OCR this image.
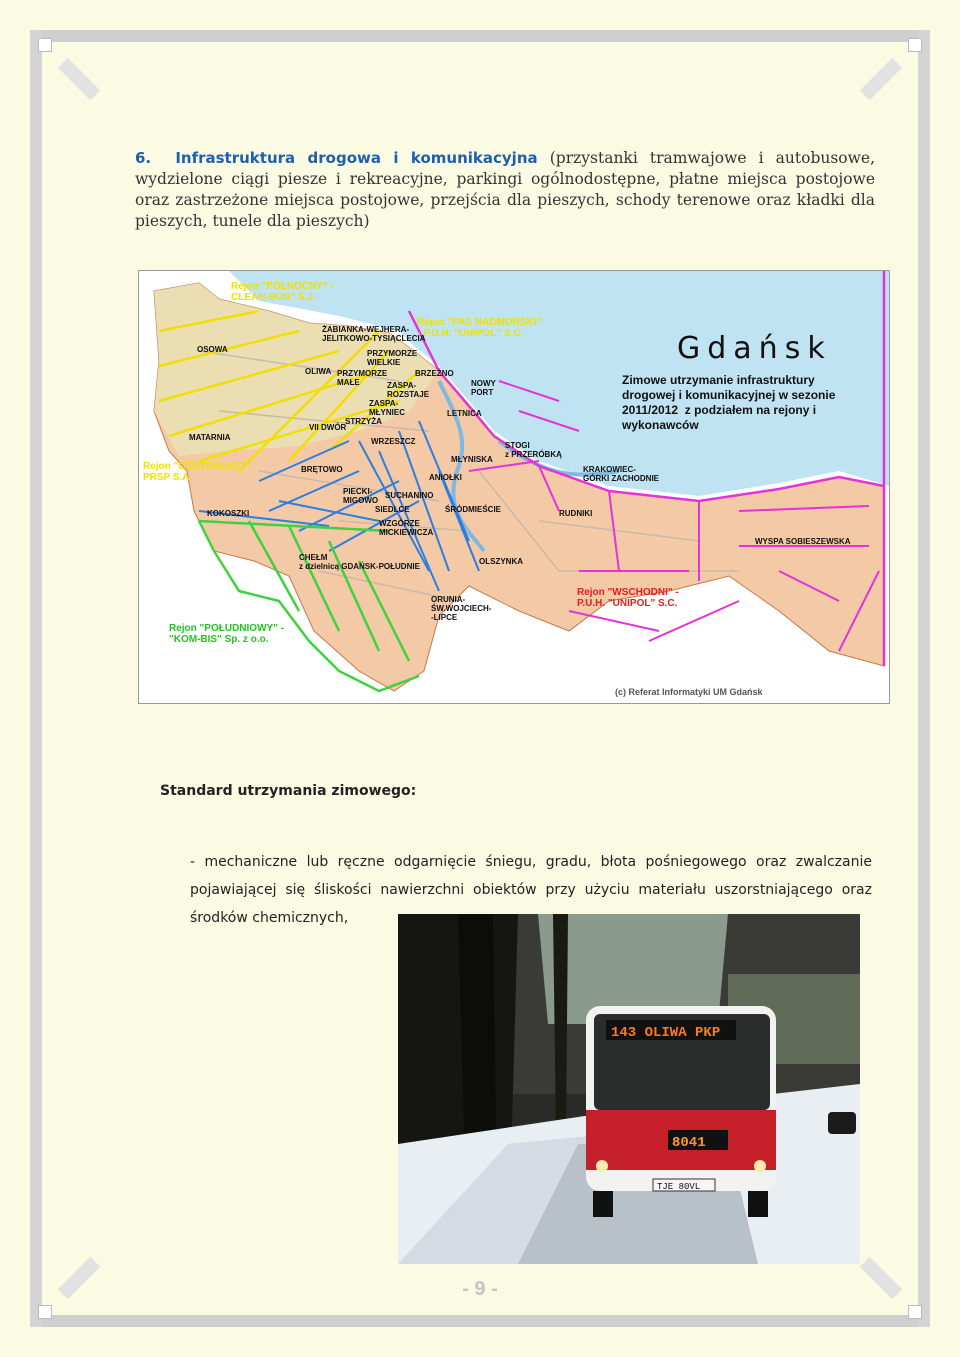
6. Infrastruktura drogowa i komunikacyjna (przystanki tramwajowe i autobusowe, wydzielone ciągi piesze i rekreacyjne, parkingi ogólnodostępne, płatne miejsca postojowe oraz zastrzeżone miejsca postojowe, przejścia dla pieszych, schody terenowe oraz kładki dla pieszych, tunele dla pieszych)
Rejon "PÓŁNOCNY" -
CLEAN-BUD" S.J.
Rejon "PAS NADMORSKI"
- P.U.H. "UNIPOL" S.C.
Rejon "CENTRALNY" -
PRSP S.A.
Rejon "WSCHODNI" -
P.U.H. "UNIPOL" S.C.
Rejon "POŁUDNIOWY" -
"KOM-BIS" Sp. z o.o.
Gdańsk
Zimowe utrzymanie infrastruktury
drogowej i komunikacyjnej w sezonie
2011/2012  z podziałem na rejony i
wykonawców
(c) Referat Informatyki UM Gdańsk
ŻABIANKA-WEJHERA-
JELITKOWO-TYSIĄCLECIA
OSOWA	PRZYMORZE
WIELKIE
OLIWA PRZYMORZE
MAŁE
BRZEŹNO
NOWY
PORT
ZASPA-
ROZSTAJE
ZASPA-
MŁYNIEC
STRZYŻA
LETNICA
VII DWÓR
MATARNIA	WRZESZCZ	STOGI
z PRZERÓBKĄ
MŁYNISKA
BRĘTOWO
ANIOŁKI
KRAKOWIEC-
GÓRKI ZACHODNIE
PIECKI-
MIGOWO
SUCHANINO
KOKOSZKI	SIEDLCE	ŚRÓDMIEŚCIE	RUDNIKI
WZGÓRZE
MICKIEWICZA
WYSPA SOBIESZEWSKA
CHEŁM
z dzielnicą GDAŃSK-POŁUDNIE
OLSZYNKA
ORUNIA-
ŚW.WOJCIECH-
-LIPCE
Standard utrzymania zimowego:
- mechaniczne lub ręczne odgarnięcie śniegu, gradu, błota pośniegowego oraz zwalczanie pojawiającej się śliskości nawierzchni obiektów przy użyciu materiału uszorstniającego oraz środków chemicznych,
143 OLIWA PKP
8041
TJE 80VL
- 9 -
